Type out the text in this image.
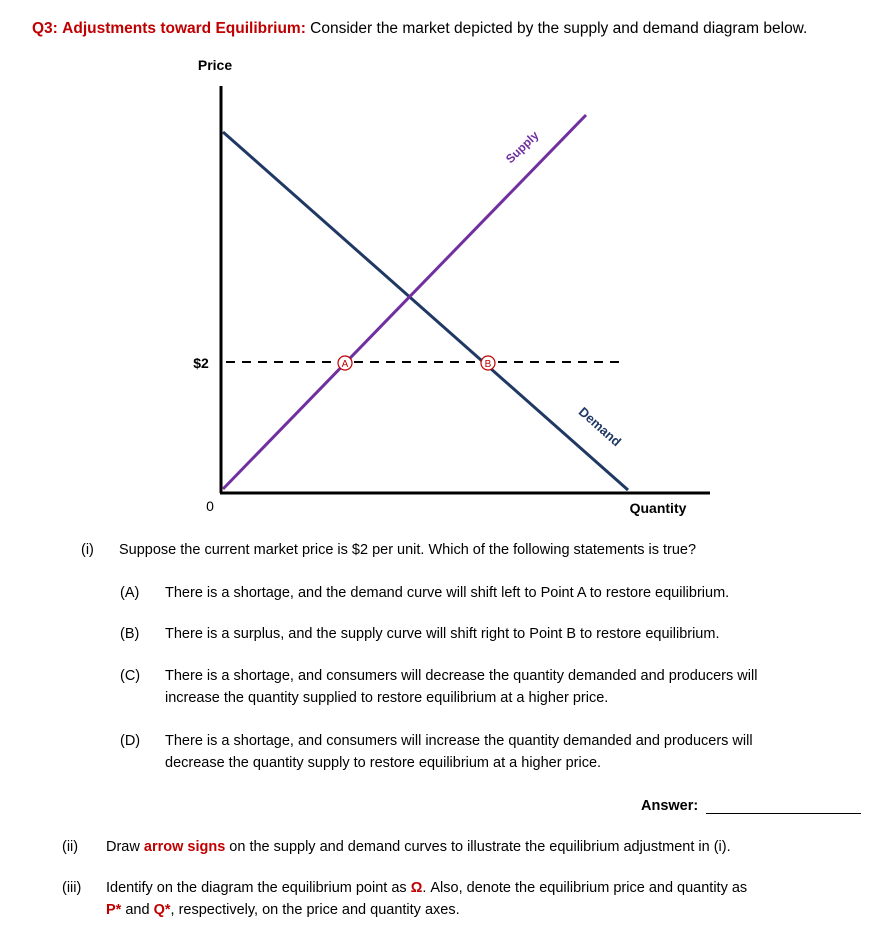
Q3: Adjustments toward Equilibrium: Consider the market depicted by the supply and demand diagram below.
A	B
Price
Quantity
0
$2
Supply
Demand
(i) Suppose the current market price is $2 per unit. Which of the following statements is true?
(A) There is a shortage, and the demand curve will shift left to Point A to restore equilibrium.
(B) There is a surplus, and the supply curve will shift right to Point B to restore equilibrium.
(C) There is a shortage, and consumers will decrease the quantity demanded and producers will
increase the quantity supplied to restore equilibrium at a higher price.
(D) There is a shortage, and consumers will increase the quantity demanded and producers will
decrease the quantity supply to restore equilibrium at a higher price.
Answer:
(ii) Draw arrow signs on the supply and demand curves to illustrate the equilibrium adjustment in (i).
(iii) Identify on the diagram the equilibrium point as Ω. Also, denote the equilibrium price and quantity as
P* and Q*, respectively, on the price and quantity axes.
